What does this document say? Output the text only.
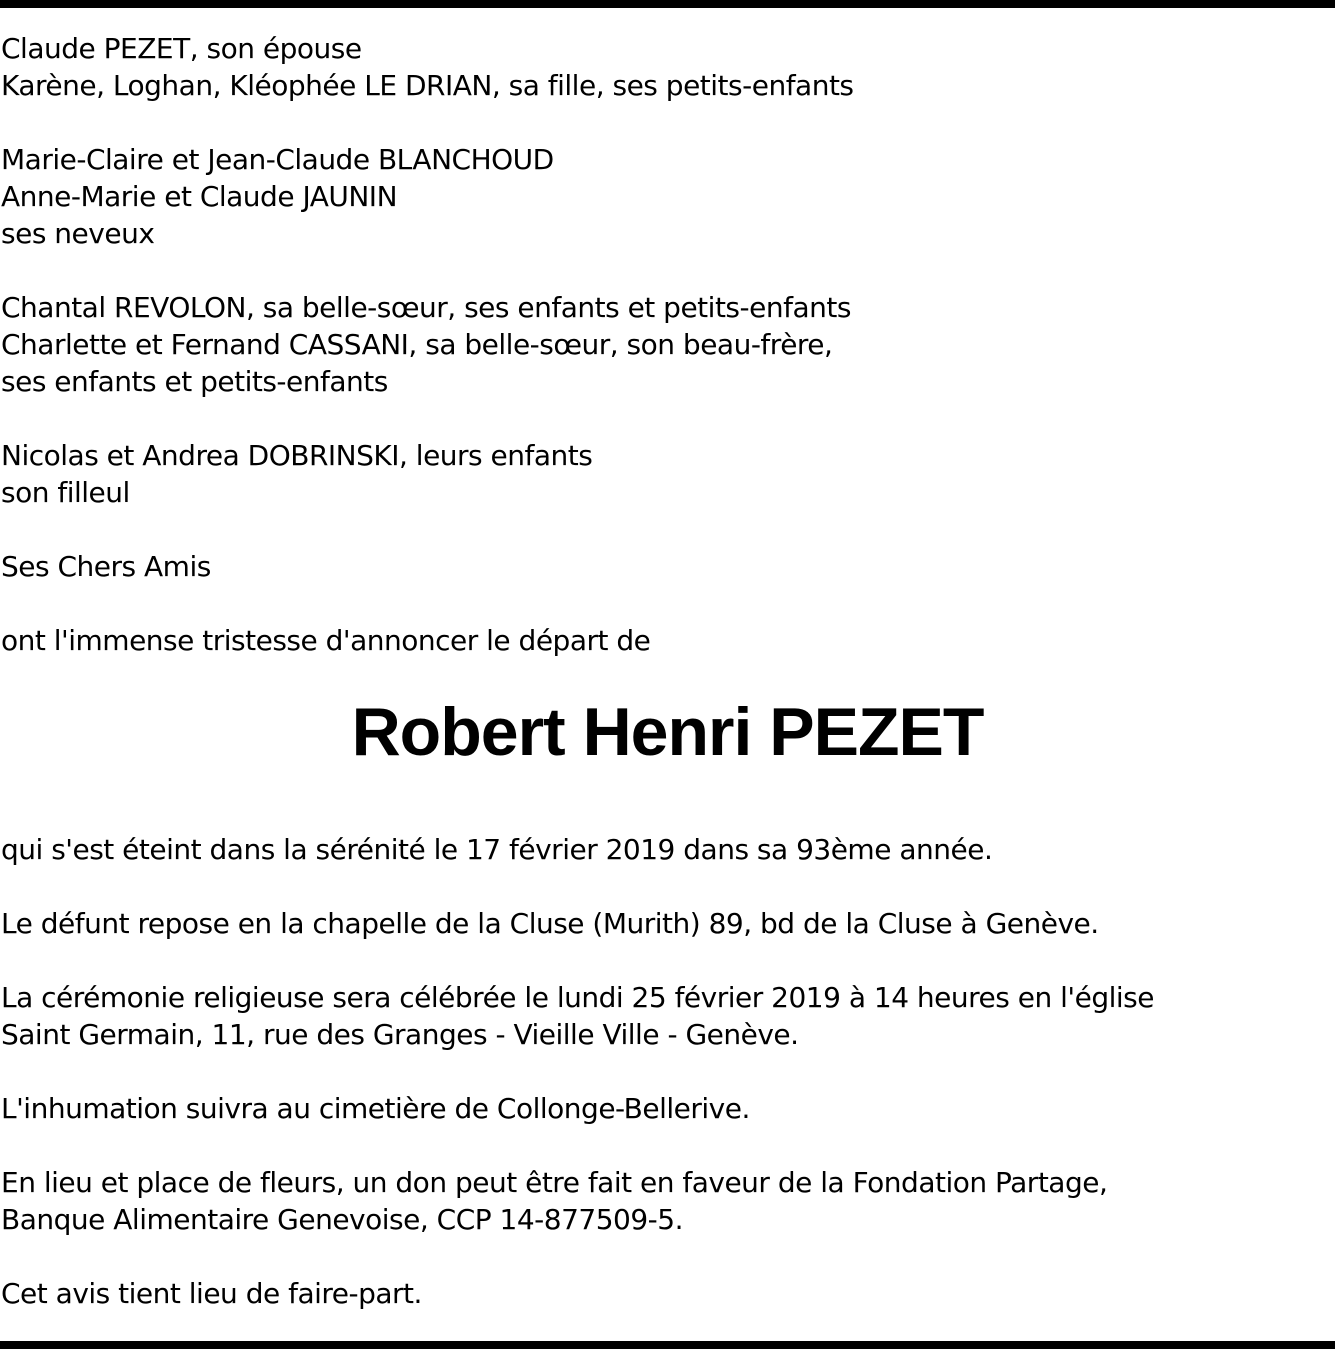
Claude PEZET, son épouse
Karène, Loghan, Kléophée LE DRIAN, sa fille, ses petits-enfants
Marie-Claire et Jean-Claude BLANCHOUD
Anne-Marie et Claude JAUNIN
ses neveux
Chantal REVOLON, sa belle-sœur, ses enfants et petits-enfants
Charlette et Fernand CASSANI, sa belle-sœur, son beau-frère,
ses enfants et petits-enfants
Nicolas et Andrea DOBRINSKI, leurs enfants
son filleul
Ses Chers Amis
ont l'immense tristesse d'annoncer le départ de
Robert Henri PEZET
qui s'est éteint dans la sérénité le 17 février 2019 dans sa 93ème année.
Le défunt repose en la chapelle de la Cluse (Murith) 89, bd de la Cluse à Genève.
La cérémonie religieuse sera célébrée le lundi 25 février 2019 à 14 heures en l'église
Saint Germain, 11, rue des Granges - Vieille Ville - Genève.
L'inhumation suivra au cimetière de Collonge-Bellerive.
En lieu et place de fleurs, un don peut être fait en faveur de la Fondation Partage,
Banque Alimentaire Genevoise, CCP 14-877509-5.
Cet avis tient lieu de faire-part.
